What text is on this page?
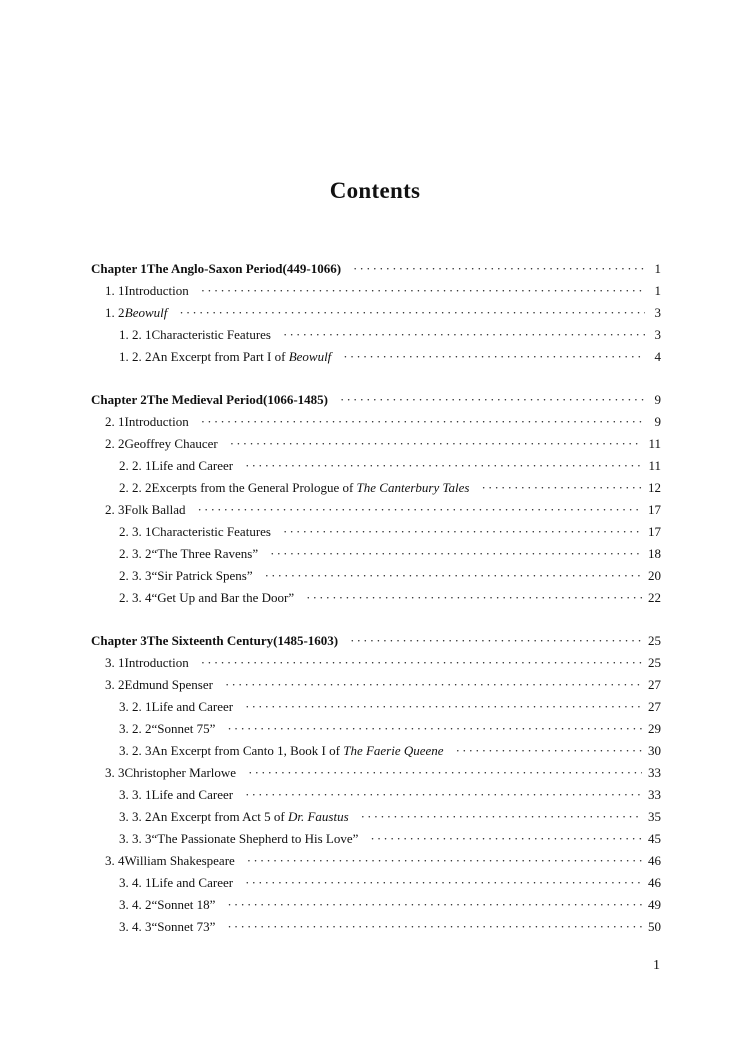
Contents
Chapter 1 The Anglo-Saxon Period(449-1066) ·····	1
1. 1 Introduction ·····	1
1. 2 Beowulf ·····	3
1. 2. 1 Characteristic Features ·····	3
1. 2. 2 An Excerpt from Part I of Beowulf ·····	4
Chapter 2 The Medieval Period(1066-1485) ·····	9
2. 1 Introduction ·····	9
2. 2 Geoffrey Chaucer ·····	11
2. 2. 1 Life and Career ·····	11
2. 2. 2 Excerpts from the General Prologue of The Canterbury Tales ·····	12
2. 3 Folk Ballad ·····	17
2. 3. 1 Characteristic Features ·····	17
2. 3. 2 “The Three Ravens” ·····	18
2. 3. 3 “Sir Patrick Spens” ·····	20
2. 3. 4 “Get Up and Bar the Door” ·····	22
Chapter 3 The Sixteenth Century(1485-1603) ·····	25
3. 1 Introduction ·····	25
3. 2 Edmund Spenser ·····	27
3. 2. 1 Life and Career ·····	27
3. 2. 2 “Sonnet 75” ·····	29
3. 2. 3 An Excerpt from Canto 1, Book I of The Faerie Queene ·····	30
3. 3 Christopher Marlowe ·····	33
3. 3. 1 Life and Career ·····	33
3. 3. 2 An Excerpt from Act 5 of Dr. Faustus ·····	35
3. 3. 3 “The Passionate Shepherd to His Love” ·····	45
3. 4 William Shakespeare ·····	46
3. 4. 1 Life and Career ·····	46
3. 4. 2 “Sonnet 18” ·····	49
3. 4. 3 “Sonnet 73” ·····	50
1
